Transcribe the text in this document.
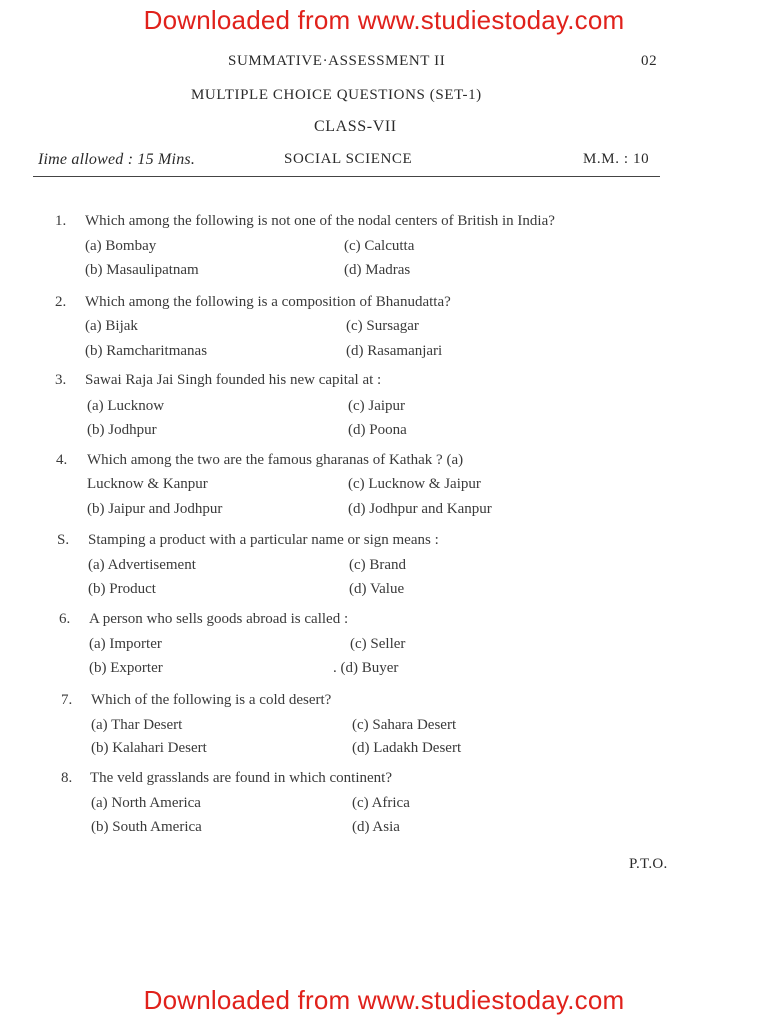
Downloaded from www.studiestoday.com
SUMMATIVE·ASSESSMENT II	02
MULTIPLE CHOICE QUESTIONS (SET-1)
CLASS-VII
Iime allowed : 15 Mins.	SOCIAL SCIENCE	M.M. : 10
1. Which among the following is not one of the nodal centers of British in India?
(a) Bombay	(c) Calcutta
(b) Masaulipatnam	(d) Madras
2. Which among the following is a composition of Bhanudatta?
(a) Bijak	(c) Sursagar
(b) Ramcharitmanas	(d) Rasamanjari
3. Sawai Raja Jai Singh founded his new capital at :
(a) Lucknow	(c) Jaipur
(b) Jodhpur	(d) Poona
4. Which among the two are the famous gharanas of Kathak ? (a)
Lucknow & Kanpur	(c) Lucknow & Jaipur
(b) Jaipur and Jodhpur	(d) Jodhpur and Kanpur
S. Stamping a product with a particular name or sign means :
(a) Advertisement	(c) Brand
(b) Product	(d) Value
6. A person who sells goods abroad is called :
(a) Importer	(c) Seller
(b) Exporter	. (d) Buyer
7. Which of the following is a cold desert?
(a) Thar Desert	(c) Sahara Desert
(b) Kalahari Desert	(d) Ladakh Desert
8. The veld grasslands are found in which continent?
(a) North America	(c) Africa
(b) South America	(d) Asia
P.T.O.
Downloaded from www.studiestoday.com
